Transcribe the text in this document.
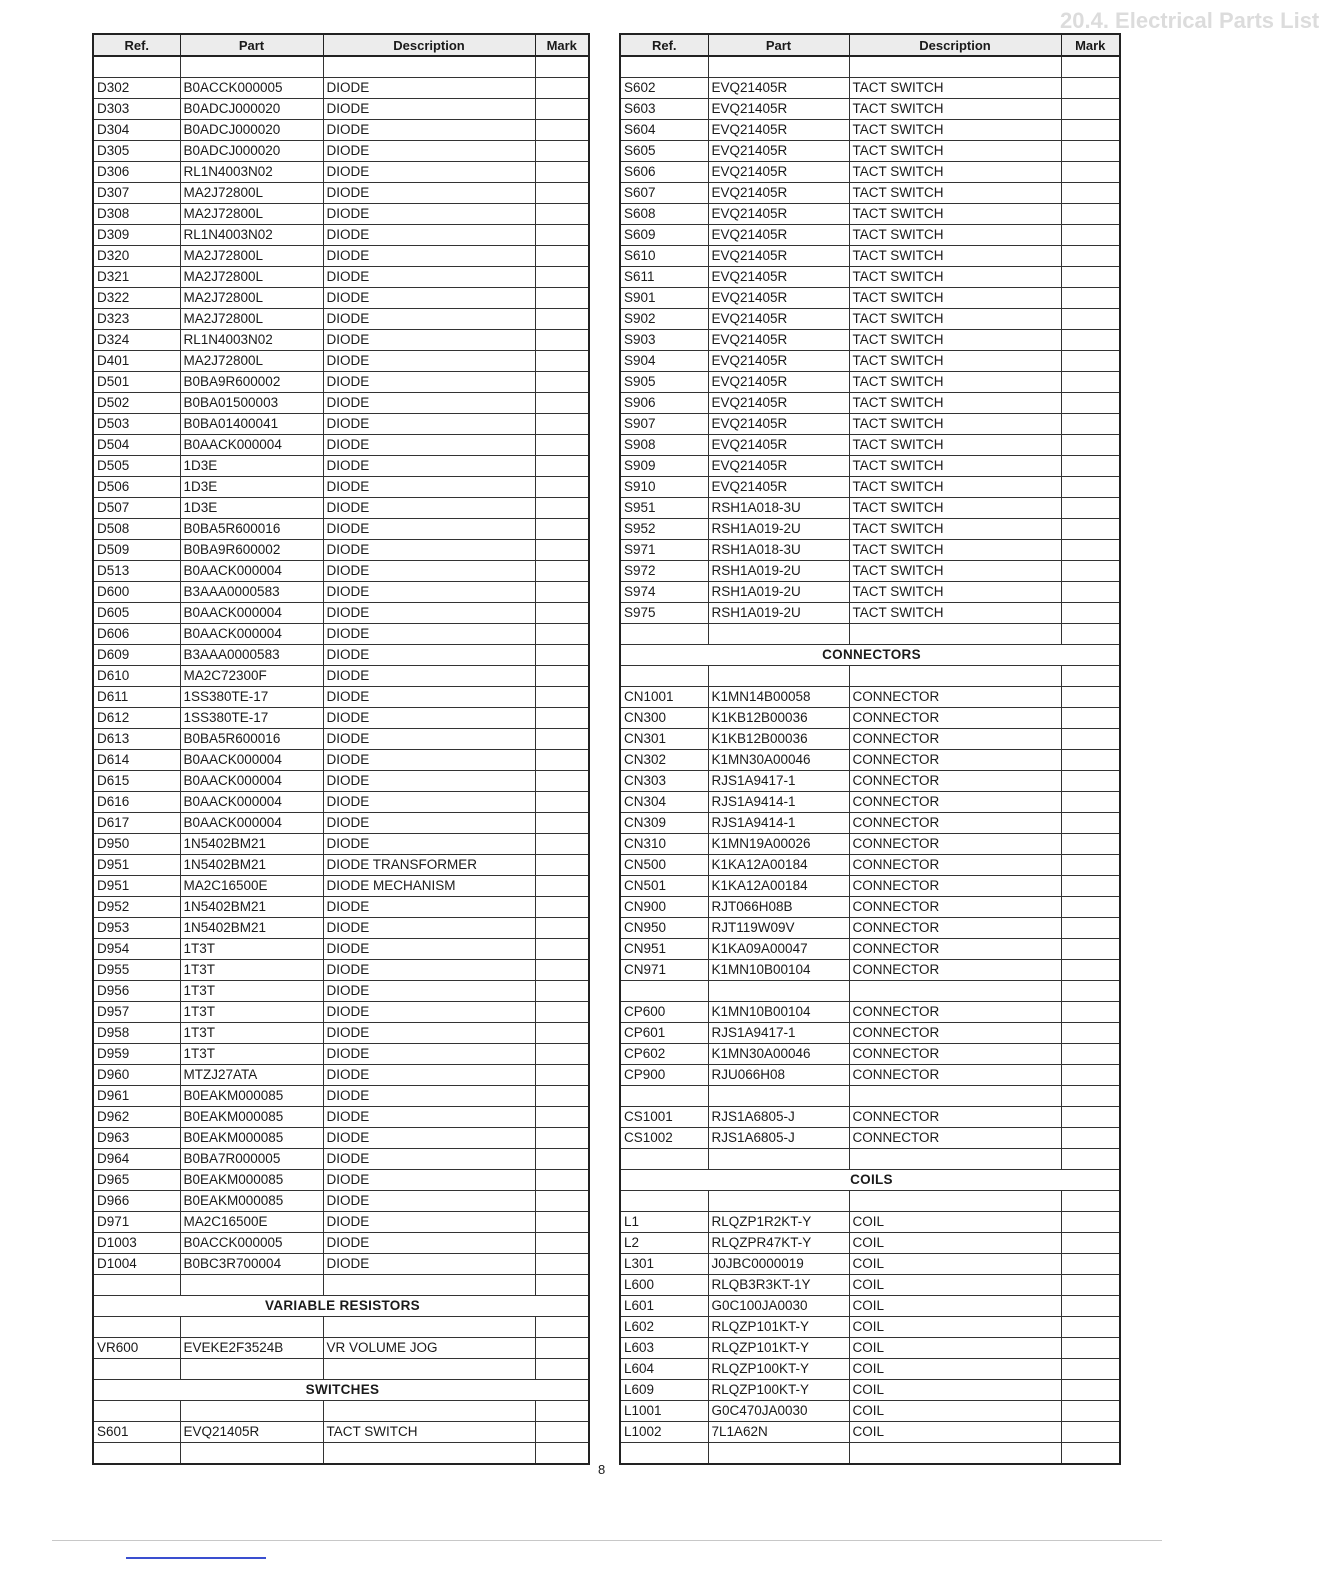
20.4. Electrical Parts List
Ref.	Part	Description	Mark

D302	B0ACCK000005	DIODE	
D303	B0ADCJ000020	DIODE	
D304	B0ADCJ000020	DIODE	
D305	B0ADCJ000020	DIODE	
D306	RL1N4003N02	DIODE	
D307	MA2J72800L	DIODE	
D308	MA2J72800L	DIODE	
D309	RL1N4003N02	DIODE	
D320	MA2J72800L	DIODE	
D321	MA2J72800L	DIODE	
D322	MA2J72800L	DIODE	
D323	MA2J72800L	DIODE	
D324	RL1N4003N02	DIODE	
D401	MA2J72800L	DIODE	
D501	B0BA9R600002	DIODE	
D502	B0BA01500003	DIODE	
D503	B0BA01400041	DIODE	
D504	B0AACK000004	DIODE	
D505	1D3E	DIODE	
D506	1D3E	DIODE	
D507	1D3E	DIODE	
D508	B0BA5R600016	DIODE	
D509	B0BA9R600002	DIODE	
D513	B0AACK000004	DIODE	
D600	B3AAA0000583	DIODE	
D605	B0AACK000004	DIODE	
D606	B0AACK000004	DIODE	
D609	B3AAA0000583	DIODE	
D610	MA2C72300F	DIODE	
D611	1SS380TE-17	DIODE	
D612	1SS380TE-17	DIODE	
D613	B0BA5R600016	DIODE	
D614	B0AACK000004	DIODE	
D615	B0AACK000004	DIODE	
D616	B0AACK000004	DIODE	
D617	B0AACK000004	DIODE	
D950	1N5402BM21	DIODE	
D951	1N5402BM21	DIODE TRANSFORMER	
D951	MA2C16500E	DIODE MECHANISM	
D952	1N5402BM21	DIODE	
D953	1N5402BM21	DIODE	
D954	1T3T	DIODE	
D955	1T3T	DIODE	
D956	1T3T	DIODE	
D957	1T3T	DIODE	
D958	1T3T	DIODE	
D959	1T3T	DIODE	
D960	MTZJ27ATA	DIODE	
D961	B0EAKM000085	DIODE	
D962	B0EAKM000085	DIODE	
D963	B0EAKM000085	DIODE	
D964	B0BA7R000005	DIODE	
D965	B0EAKM000085	DIODE	
D966	B0EAKM000085	DIODE	
D971	MA2C16500E	DIODE	
D1003	B0ACCK000005	DIODE	
D1004	B0BC3R700004	DIODE	

VARIABLE RESISTORS			

VR600	EVEKE2F3524B	VR VOLUME JOG	

SWITCHES			

S601	EVQ21405R	TACT SWITCH	

Ref.	Part	Description	Mark

S602	EVQ21405R	TACT SWITCH	
S603	EVQ21405R	TACT SWITCH	
S604	EVQ21405R	TACT SWITCH	
S605	EVQ21405R	TACT SWITCH	
S606	EVQ21405R	TACT SWITCH	
S607	EVQ21405R	TACT SWITCH	
S608	EVQ21405R	TACT SWITCH	
S609	EVQ21405R	TACT SWITCH	
S610	EVQ21405R	TACT SWITCH	
S611	EVQ21405R	TACT SWITCH	
S901	EVQ21405R	TACT SWITCH	
S902	EVQ21405R	TACT SWITCH	
S903	EVQ21405R	TACT SWITCH	
S904	EVQ21405R	TACT SWITCH	
S905	EVQ21405R	TACT SWITCH	
S906	EVQ21405R	TACT SWITCH	
S907	EVQ21405R	TACT SWITCH	
S908	EVQ21405R	TACT SWITCH	
S909	EVQ21405R	TACT SWITCH	
S910	EVQ21405R	TACT SWITCH	
S951	RSH1A018-3U	TACT SWITCH	
S952	RSH1A019-2U	TACT SWITCH	
S971	RSH1A018-3U	TACT SWITCH	
S972	RSH1A019-2U	TACT SWITCH	
S974	RSH1A019-2U	TACT SWITCH	
S975	RSH1A019-2U	TACT SWITCH	

CONNECTORS			

CN1001	K1MN14B00058	CONNECTOR	
CN300	K1KB12B00036	CONNECTOR	
CN301	K1KB12B00036	CONNECTOR	
CN302	K1MN30A00046	CONNECTOR	
CN303	RJS1A9417-1	CONNECTOR	
CN304	RJS1A9414-1	CONNECTOR	
CN309	RJS1A9414-1	CONNECTOR	
CN310	K1MN19A00026	CONNECTOR	
CN500	K1KA12A00184	CONNECTOR	
CN501	K1KA12A00184	CONNECTOR	
CN900	RJT066H08B	CONNECTOR	
CN950	RJT119W09V	CONNECTOR	
CN951	K1KA09A00047	CONNECTOR	
CN971	K1MN10B00104	CONNECTOR	

CP600	K1MN10B00104	CONNECTOR	
CP601	RJS1A9417-1	CONNECTOR	
CP602	K1MN30A00046	CONNECTOR	
CP900	RJU066H08	CONNECTOR	

CS1001	RJS1A6805-J	CONNECTOR	
CS1002	RJS1A6805-J	CONNECTOR	

COILS			

L1	RLQZP1R2KT-Y	COIL	
L2	RLQZPR47KT-Y	COIL	
L301	J0JBC0000019	COIL	
L600	RLQB3R3KT-1Y	COIL	
L601	G0C100JA0030	COIL	
L602	RLQZP101KT-Y	COIL	
L603	RLQZP101KT-Y	COIL	
L604	RLQZP100KT-Y	COIL	
L609	RLQZP100KT-Y	COIL	
L1001	G0C470JA0030	COIL	
L1002	7L1A62N	COIL	

8
